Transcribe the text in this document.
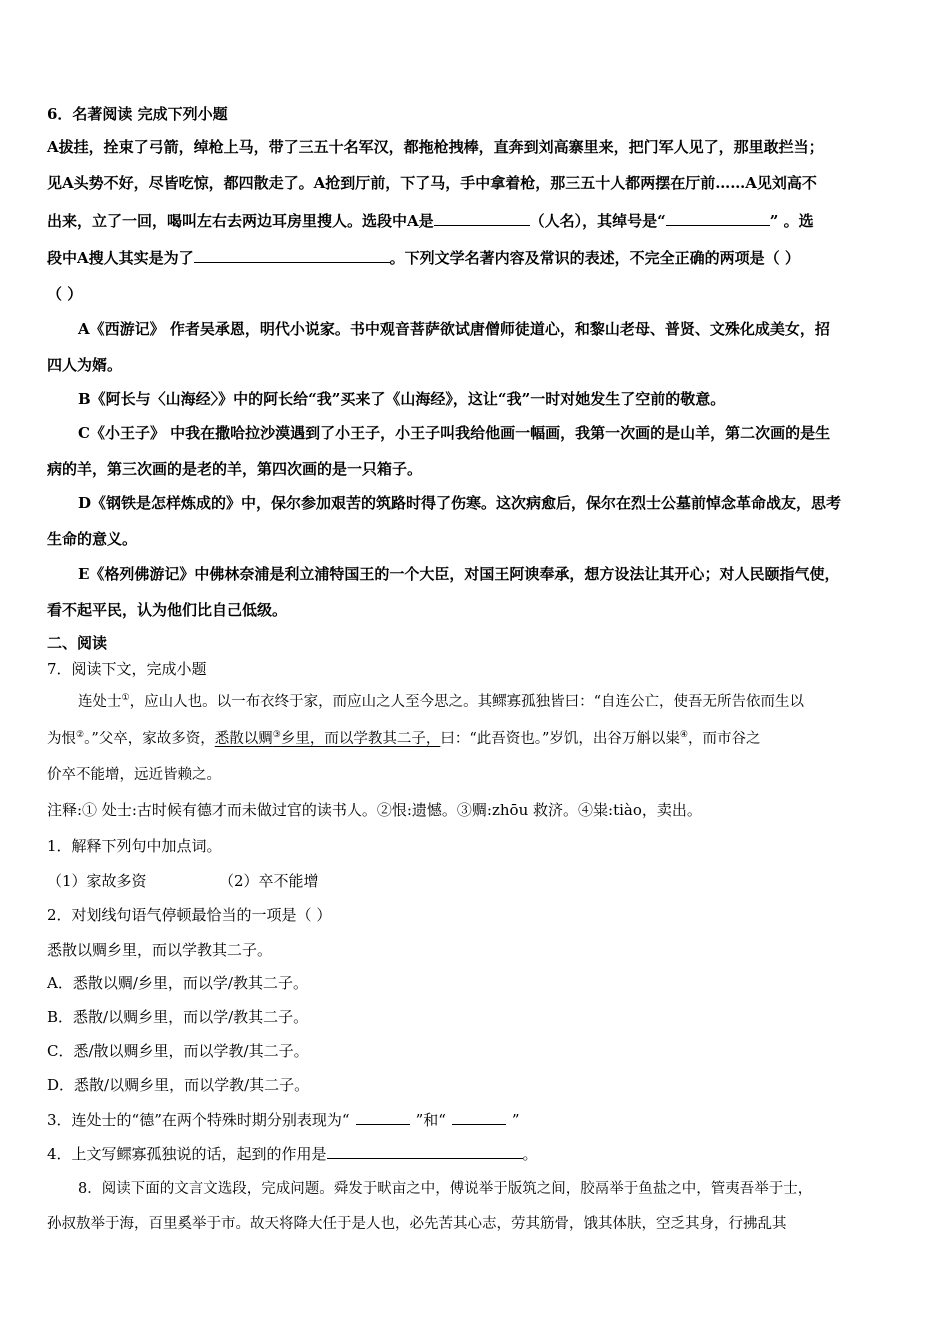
6．名著阅读 完成下列小题
A拔挂，拴束了弓箭，绰枪上马，带了三五十名军汉，都拖枪拽棒，直奔到刘高寨里来，把门军人见了，那里敢拦当；
见A头势不好，尽皆吃惊，都四散走了。A抢到厅前，下了马，手中拿着枪，那三五十人都两摆在厅前……A见刘高不
出来，立了一回，喝叫左右去两边耳房里搜人。选段中A是	（人名），其绰号是“	” 。选
段中A搜人其实是为了	。下列文学名著内容及常识的表述，不完全正确的两项是（ ）
（ ）
A《西游记》 作者吴承恩，明代小说家。书中观音菩萨欲试唐僧师徒道心，和黎山老母、普贤、文殊化成美女，招
四人为婿。
B《阿长与〈山海经〉》中的阿长给“我”买来了《山海经》，这让“我”一时对她发生了空前的敬意。
C《小王子》 中我在撒哈拉沙漠遇到了小王子，小王子叫我给他画一幅画，我第一次画的是山羊，第二次画的是生
病的羊，第三次画的是老的羊，第四次画的是一只箱子。
D《钢铁是怎样炼成的》中，保尔参加艰苦的筑路时得了伤寒。这次病愈后，保尔在烈士公墓前悼念革命战友，思考
生命的意义。
E《格列佛游记》中佛林奈浦是利立浦特国王的一个大臣，对国王阿谀奉承，想方设法让其开心；对人民颐指气使，
看不起平民，认为他们比自己低级。
二、阅读
7．阅读下文，完成小题
连处士①，应山人也。以一布衣终于家，而应山之人至今思之。其鳏寡孤独皆曰：“自连公亡，使吾无所告依而生以
为恨②。”父卒，家故多资，悉散以赒③乡里，而以学教其二子，曰：“此吾资也。”岁饥，出谷万斛以粜④，而市谷之
价卒不能增，远近皆赖之。
注释:① 处士:古时候有德才而未做过官的读书人。②恨:遗憾。③赒:zhōu 救济。④粜:tiào，卖出。
1．解释下列句中加点词。
（1）家故多资	（2）卒不能增
2．对划线句语气停顿最恰当的一项是（ ）
悉散以赒乡里，而以学教其二子。
A．悉散以赒/乡里，而以学/教其二子。
B．悉散/以赒乡里，而以学/教其二子。
C．悉/散以赒乡里，而以学教/其二子。
D．悉散/以赒乡里，而以学教/其二子。
3．连处士的“德”在两个特殊时期分别表现为“	”和“	”
4．上文写鳏寡孤独说的话，起到的作用是	。
8．阅读下面的文言文选段，完成问题。舜发于畎亩之中，傅说举于版筑之间，胶鬲举于鱼盐之中，管夷吾举于士，
孙叔敖举于海，百里奚举于市。故天将降大任于是人也，必先苦其心志，劳其筋骨，饿其体肤，空乏其身，行拂乱其
